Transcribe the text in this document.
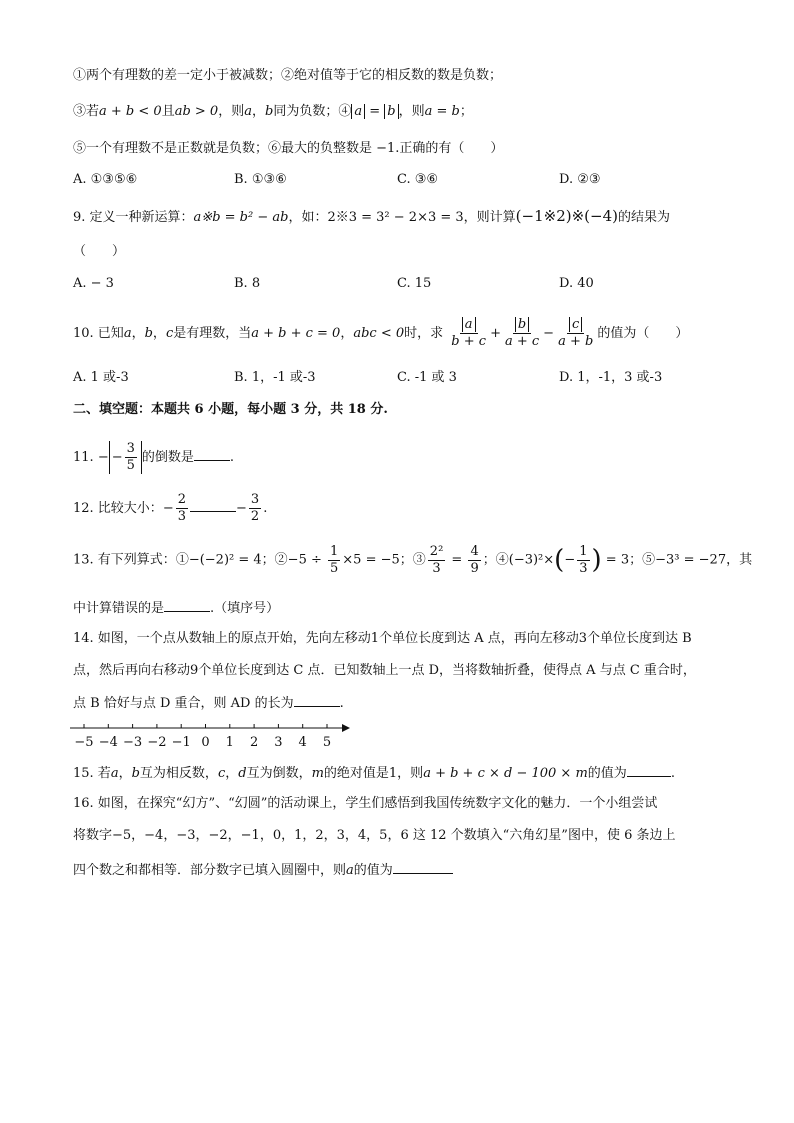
①两个有理数的差一定小于被减数；②绝对值等于它的相反数的数是负数；
③若a + b < 0且ab > 0，则a，b同为负数；④ a = b ，则a = b；
⑤一个有理数不是正数就是负数；⑥最大的负整数是 −1.正确的有（　　）
A. ①③⑤⑥	B. ①③⑥	C. ③⑥	D. ②③
9. 定义一种新运算：a※b = b² − ab，如：2※3 = 3² − 2×3 = 3，则计算(−1※2)※(−4)的结果为
（　　）
A. − 3	B. 8	C. 15	D. 40
10. 已知a，b，c是有理数，当a + b + c = 0，abc < 0时，求 $\frac{a}{b + c} + \frac{b}{a + c} - \frac{c}{a + b}$ 的值为（　　）
A. 1 或-3	B. 1，-1 或-3	C. -1 或 3	D. 1，-1，3 或-3
二、填空题：本题共 6 小题，每小题 3 分，共 18 分.
11. − − $\frac{3}{5}$ 的倒数是	.
12. 比较大小：− $\frac{2}{3}$	− $\frac{3}{2}$ .
13. 有下列算式：①−(−2)² = 4；②−5 ÷ $\frac{1}{5} \times 5 = -5$；③ $\frac{\text{2²}}{3} = \frac{4}{9}$ ；④(−3)²×(− $\frac{1}{3}$ ) = 3；⑤−3³ = −27，其
中计算错误的是	.（填序号）
14. 如图，一个点从数轴上的原点开始，先向左移动1个单位长度到达 A 点，再向左移动3个单位长度到达 B
点，然后再向右移动9个单位长度到达 C 点．已知数轴上一点 D，当将数轴折叠，使得点 A 与点 C 重合时，
点 B 恰好与点 D 重合，则 AD 的长为	.
−5 −4 −3 −2 −1 0 1 2 3 4 5
15. 若a，b互为相反数，c，d互为倒数，m的绝对值是1，则a + b + c × d − 100 × m的值为	.
16. 如图，在探究“幻方”、“幻圆”的活动课上，学生们感悟到我国传统数字文化的魅力．一个小组尝试
将数字−5，−4，−3，−2，−1，0，1，2，3，4，5，6 这 12 个数填入“六角幻星”图中，使 6 条边上
四个数之和都相等．部分数字已填入圆圈中，则a的值为
